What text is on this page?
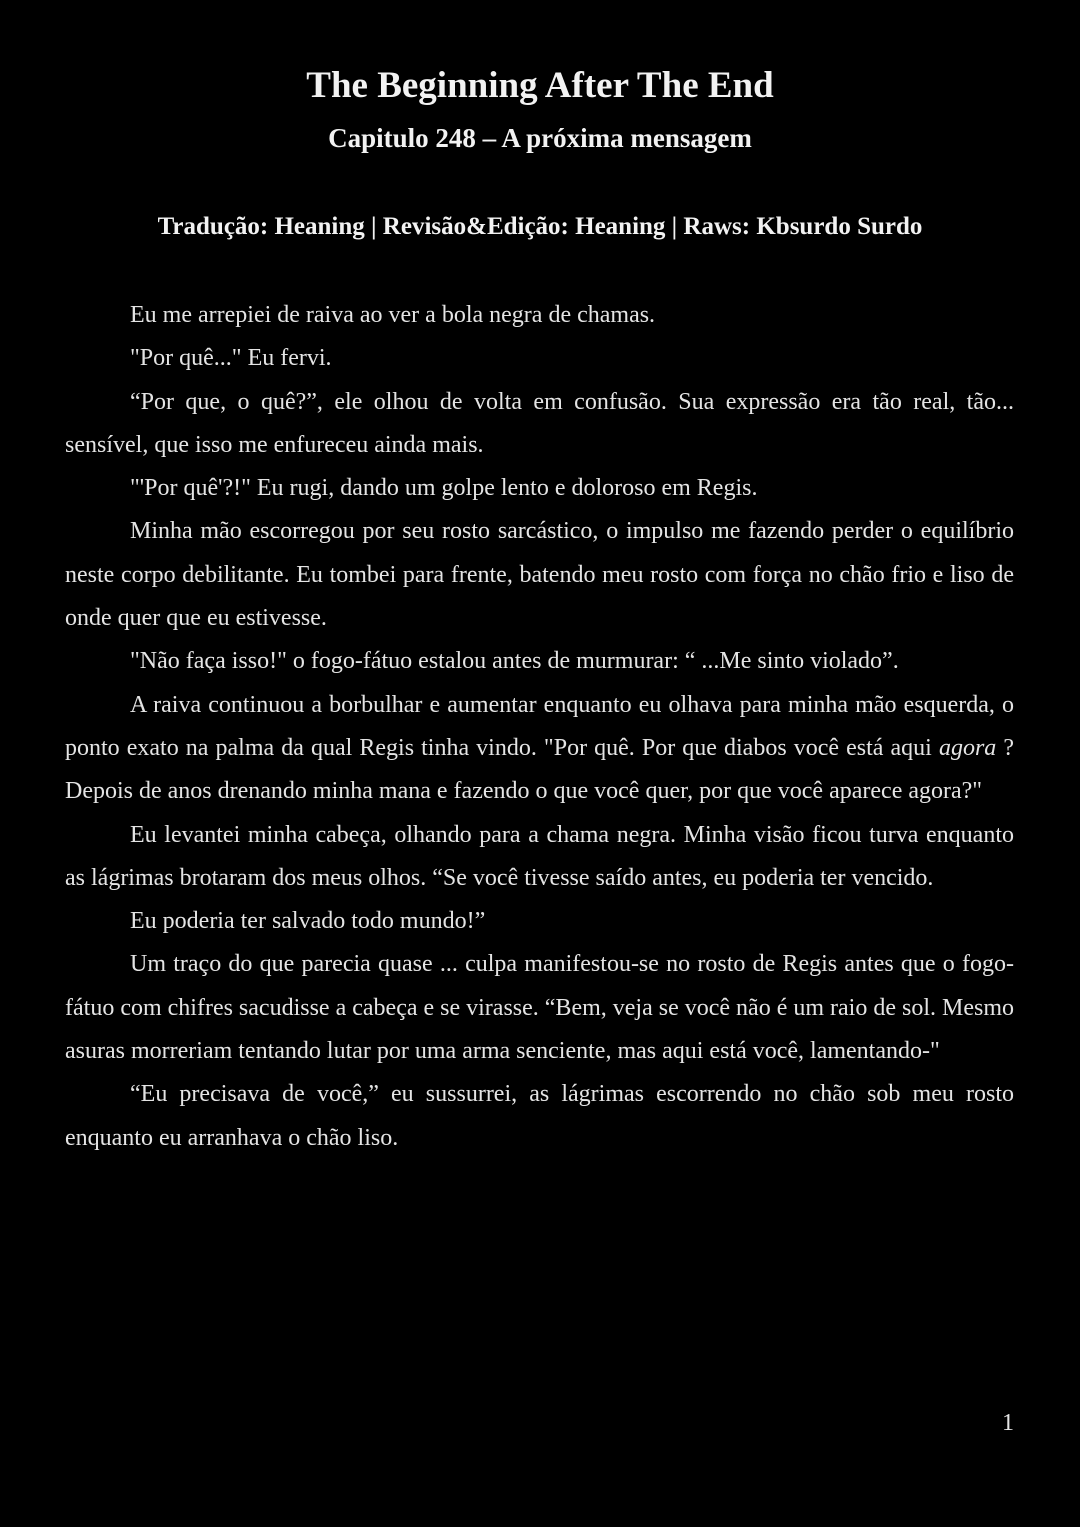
The Beginning After The End
Capitulo 248 – A próxima mensagem
Tradução: Heaning | Revisão&Edição: Heaning | Raws: Kbsurdo Surdo

Eu me arrepiei de raiva ao ver a bola negra de chamas.

"Por quê..." Eu fervi.

“Por que, o quê?”, ele olhou de volta em confusão. Sua expressão era tão real, tão... sensível, que isso me enfureceu ainda mais.

"'Por quê'?!" Eu rugi, dando um golpe lento e doloroso em Regis.

Minha mão escorregou por seu rosto sarcástico, o impulso me fazendo perder o equilíbrio neste corpo debilitante. Eu tombei para frente, batendo meu rosto com força no chão frio e liso de onde quer que eu estivesse.

"Não faça isso!" o fogo-fátuo estalou antes de murmurar: “ ...Me sinto violado”.

A raiva continuou a borbulhar e aumentar enquanto eu olhava para minha mão esquerda, o ponto exato na palma da qual Regis tinha vindo. "Por quê. Por que diabos você está aqui agora ? Depois de anos drenando minha mana e fazendo o que você quer, por que você aparece agora?"

Eu levantei minha cabeça, olhando para a chama negra. Minha visão ficou turva enquanto as lágrimas brotaram dos meus olhos. “Se você tivesse saído antes, eu poderia ter vencido.

Eu poderia ter salvado todo mundo!”

Um traço do que parecia quase ... culpa manifestou-se no rosto de Regis antes que o fogo-fátuo com chifres sacudisse a cabeça e se virasse. “Bem, veja se você não é um raio de sol. Mesmo asuras morreriam tentando lutar por uma arma senciente, mas aqui está você, lamentando-"

“Eu precisava de você,” eu sussurrei, as lágrimas escorrendo no chão sob meu rosto enquanto eu arranhava o chão liso.

1
